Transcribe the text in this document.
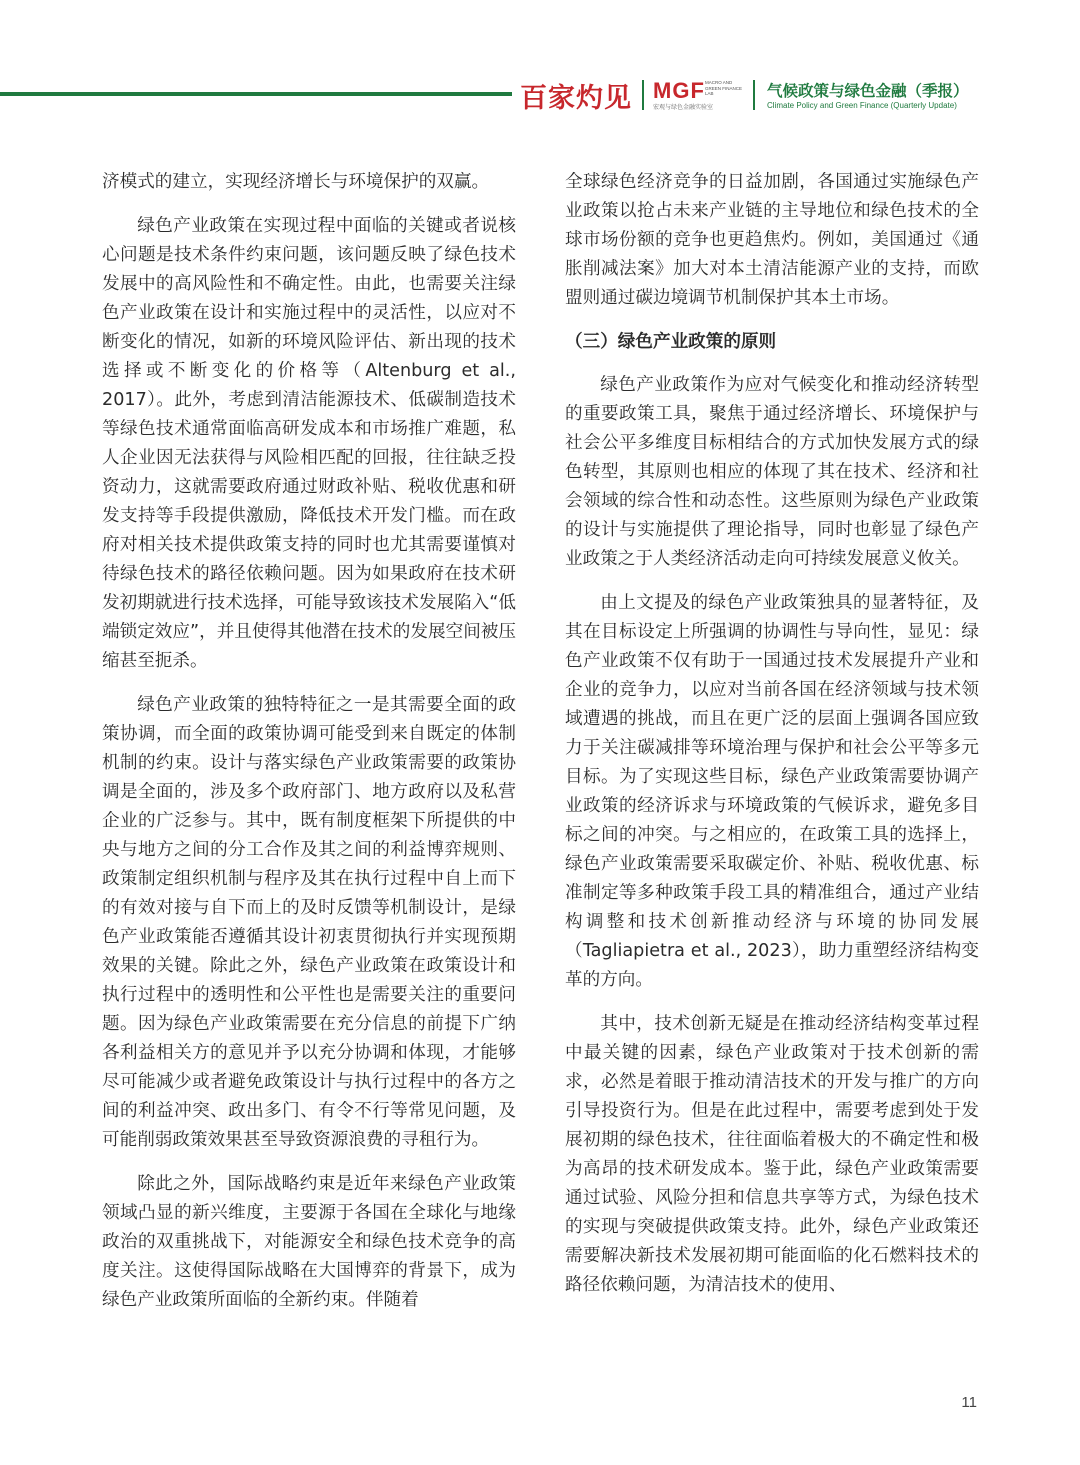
百家灼见 MGF MACRO AND GREEN FINANCE LAB
宏观与绿色金融实验室
气候政策与绿色金融（季报）
Climate Policy and Green Finance (Quarterly Update)

济模式的建立，实现经济增长与环境保护的双赢。

绿色产业政策在实现过程中面临的关键或者说核心问题是技术条件约束问题，该问题反映了绿色技术发展中的高风险性和不确定性。由此，也需要关注绿色产业政策在设计和实施过程中的灵活性，以应对不断变化的情况，如新的环境风险评估、新出现的技术选择或不断变化的价格等（Altenburg et al., 2017）。此外，考虑到清洁能源技术、低碳制造技术等绿色技术通常面临高研发成本和市场推广难题，私人企业因无法获得与风险相匹配的回报，往往缺乏投资动力，这就需要政府通过财政补贴、税收优惠和研发支持等手段提供激励，降低技术开发门槛。而在政府对相关技术提供政策支持的同时也尤其需要谨慎对待绿色技术的路径依赖问题。因为如果政府在技术研发初期就进行技术选择，可能导致该技术发展陷入“低端锁定效应”，并且使得其他潜在技术的发展空间被压缩甚至扼杀。

绿色产业政策的独特特征之一是其需要全面的政策协调，而全面的政策协调可能受到来自既定的体制机制的约束。设计与落实绿色产业政策需要的政策协调是全面的，涉及多个政府部门、地方政府以及私营企业的广泛参与。其中，既有制度框架下所提供的中央与地方之间的分工合作及其之间的利益博弈规则、政策制定组织机制与程序及其在执行过程中自上而下的有效对接与自下而上的及时反馈等机制设计，是绿色产业政策能否遵循其设计初衷贯彻执行并实现预期效果的关键。除此之外，绿色产业政策在政策设计和执行过程中的透明性和公平性也是需要关注的重要问题。因为绿色产业政策需要在充分信息的前提下广纳各利益相关方的意见并予以充分协调和体现，才能够尽可能减少或者避免政策设计与执行过程中的各方之间的利益冲突、政出多门、有令不行等常见问题，及可能削弱政策效果甚至导致资源浪费的寻租行为。

除此之外，国际战略约束是近年来绿色产业政策领域凸显的新兴维度，主要源于各国在全球化与地缘政治的双重挑战下，对能源安全和绿色技术竞争的高度关注。这使得国际战略在大国博弈的背景下，成为绿色产业政策所面临的全新约束。伴随着

全球绿色经济竞争的日益加剧，各国通过实施绿色产业政策以抢占未来产业链的主导地位和绿色技术的全球市场份额的竞争也更趋焦灼。例如，美国通过《通胀削减法案》加大对本土清洁能源产业的支持，而欧盟则通过碳边境调节机制保护其本土市场。

（三）绿色产业政策的原则

绿色产业政策作为应对气候变化和推动经济转型的重要政策工具，聚焦于通过经济增长、环境保护与社会公平多维度目标相结合的方式加快发展方式的绿色转型，其原则也相应的体现了其在技术、经济和社会领域的综合性和动态性。这些原则为绿色产业政策的设计与实施提供了理论指导，同时也彰显了绿色产业政策之于人类经济活动走向可持续发展意义攸关。

由上文提及的绿色产业政策独具的显著特征，及其在目标设定上所强调的协调性与导向性，显见：绿色产业政策不仅有助于一国通过技术发展提升产业和企业的竞争力，以应对当前各国在经济领域与技术领域遭遇的挑战，而且在更广泛的层面上强调各国应致力于关注碳减排等环境治理与保护和社会公平等多元目标。为了实现这些目标，绿色产业政策需要协调产业政策的经济诉求与环境政策的气候诉求，避免多目标之间的冲突。与之相应的，在政策工具的选择上，绿色产业政策需要采取碳定价、补贴、税收优惠、标准制定等多种政策手段工具的精准组合，通过产业结构调整和技术创新推动经济与环境的协同发展（Tagliapietra et al., 2023），助力重塑经济结构变革的方向。

其中，技术创新无疑是在推动经济结构变革过程中最关键的因素，绿色产业政策对于技术创新的需求，必然是着眼于推动清洁技术的开发与推广的方向引导投资行为。但是在此过程中，需要考虑到处于发展初期的绿色技术，往往面临着极大的不确定性和极为高昂的技术研发成本。鉴于此，绿色产业政策需要通过试验、风险分担和信息共享等方式，为绿色技术的实现与突破提供政策支持。此外，绿色产业政策还需要解决新技术发展初期可能面临的化石燃料技术的路径依赖问题，为清洁技术的使用、

11
